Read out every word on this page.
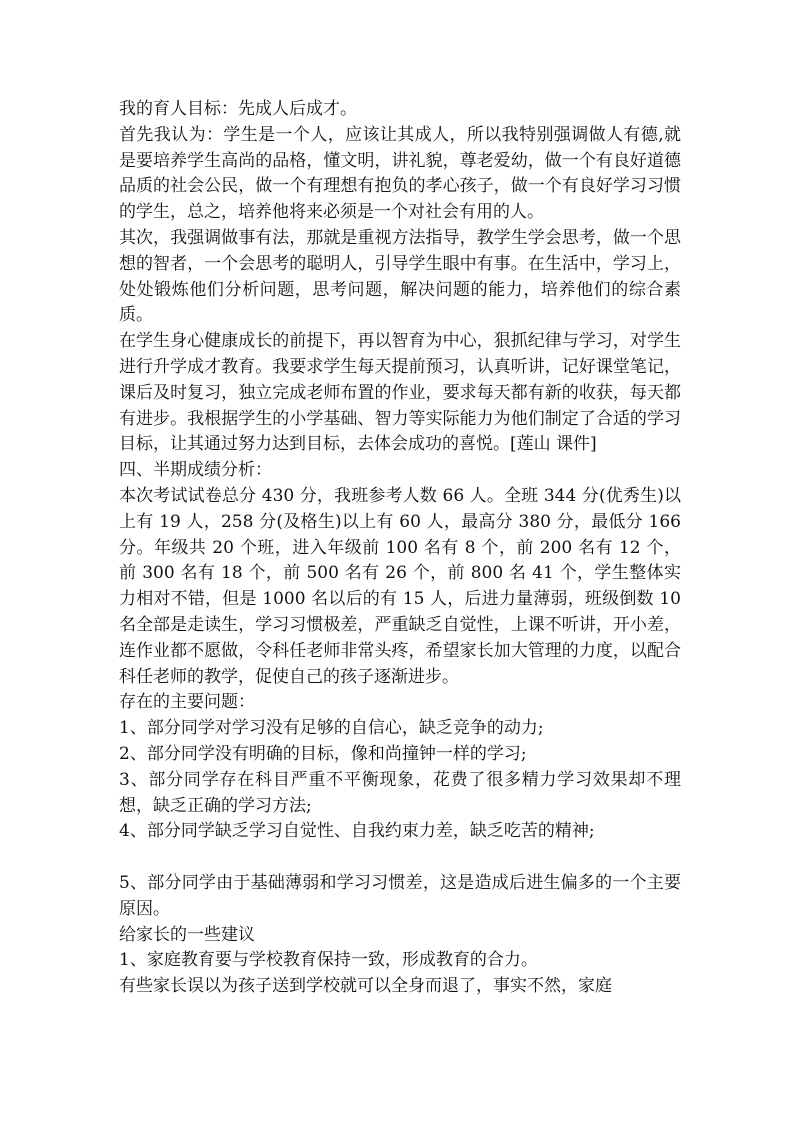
我的育人目标：先成人后成才。

首先我认为：学生是一个人，应该让其成人，所以我特别强调做人有德,就是要培养学生高尚的品格，懂文明，讲礼貌，尊老爱幼，做一个有良好道德品质的社会公民，做一个有理想有抱负的孝心孩子，做一个有良好学习习惯的学生，总之，培养他将来必须是一个对社会有用的人。

其次，我强调做事有法，那就是重视方法指导，教学生学会思考，做一个思想的智者，一个会思考的聪明人，引导学生眼中有事。在生活中，学习上，处处锻炼他们分析问题，思考问题，解决问题的能力，培养他们的综合素质。

在学生身心健康成长的前提下，再以智育为中心，狠抓纪律与学习，对学生进行升学成才教育。我要求学生每天提前预习，认真听讲，记好课堂笔记，课后及时复习，独立完成老师布置的作业，要求每天都有新的收获，每天都有进步。我根据学生的小学基础、智力等实际能力为他们制定了合适的学习目标，让其通过努力达到目标，去体会成功的喜悦。[莲山 课件]

四、半期成绩分析：

本次考试试卷总分 430 分，我班参考人数 66 人。全班 344 分(优秀生)以上有 19 人，258 分(及格生)以上有 60 人，最高分 380 分，最低分 166 分。年级共 20 个班，进入年级前 100 名有 8 个，前 200 名有 12 个，前 300 名有 18 个，前 500 名有 26 个，前 800 名 41 个，学生整体实力相对不错，但是 1000 名以后的有 15 人，后进力量薄弱，班级倒数 10 名全部是走读生，学习习惯极差，严重缺乏自觉性，上课不听讲，开小差，连作业都不愿做，令科任老师非常头疼，希望家长加大管理的力度，以配合科任老师的教学，促使自己的孩子逐渐进步。

存在的主要问题：

1、部分同学对学习没有足够的自信心，缺乏竞争的动力;

2、部分同学没有明确的目标，像和尚撞钟一样的学习;

3、部分同学存在科目严重不平衡现象，花费了很多精力学习效果却不理想，缺乏正确的学习方法;

4、部分同学缺乏学习自觉性、自我约束力差，缺乏吃苦的精神;

5、部分同学由于基础薄弱和学习习惯差，这是造成后进生偏多的一个主要原因。

给家长的一些建议

1、家庭教育要与学校教育保持一致，形成教育的合力。

有些家长误以为孩子送到学校就可以全身而退了，事实不然，家庭
